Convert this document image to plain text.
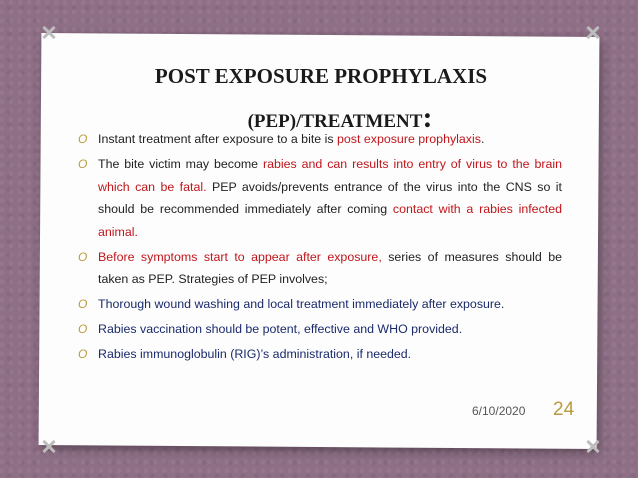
POST EXPOSURE PROPHYLAXIS
(PEP)/TREATMENT:
O Instant treatment after exposure to a bite is post exposure prophylaxis.
O The bite victim may become rabies and can results into entry of virus to the brain which can be fatal. PEP avoids/prevents entrance of the virus into the CNS so it should be recommended immediately after coming contact with a rabies infected animal.
O Before symptoms start to appear after exposure, series of measures should be taken as PEP. Strategies of PEP involves;
O Thorough wound washing and local treatment immediately after exposure.
O Rabies vaccination should be potent, effective and WHO provided.
O Rabies immunoglobulin (RIG)’s administration, if needed.
6/10/2020 24
